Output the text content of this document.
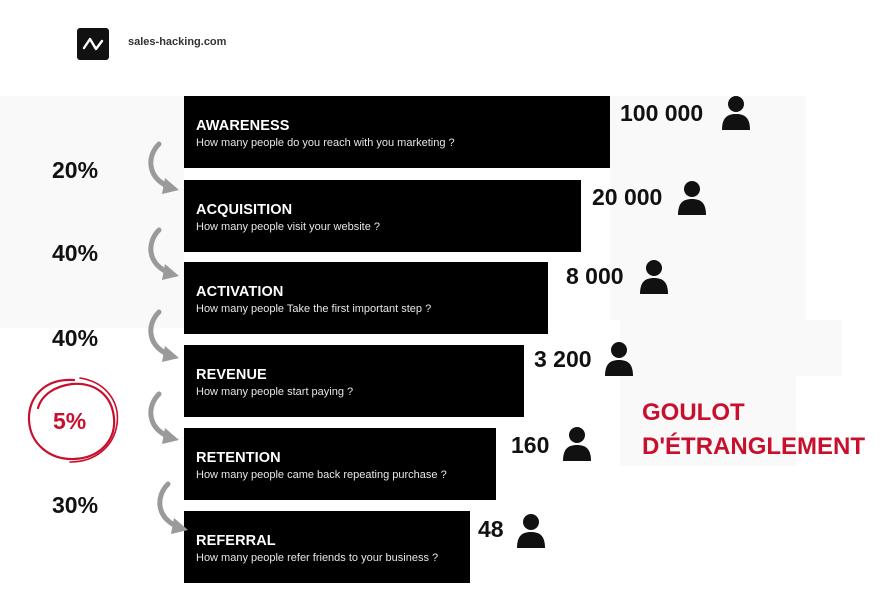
sales-hacking.com
AWARENESS
How many people do you reach with you marketing ?
ACQUISITION
How many people visit your website ?
ACTIVATION
How many people Take the first important step ?
REVENUE
How many people start paying ?
RETENTION
How many people came back repeating purchase ?
REFERRAL
How many people refer friends to your business ?
100 000
20 000
8 000
3 200
160
48
20%
40%
40%
5%
30%
GOULOT
D'ÉTRANGLEMENT
